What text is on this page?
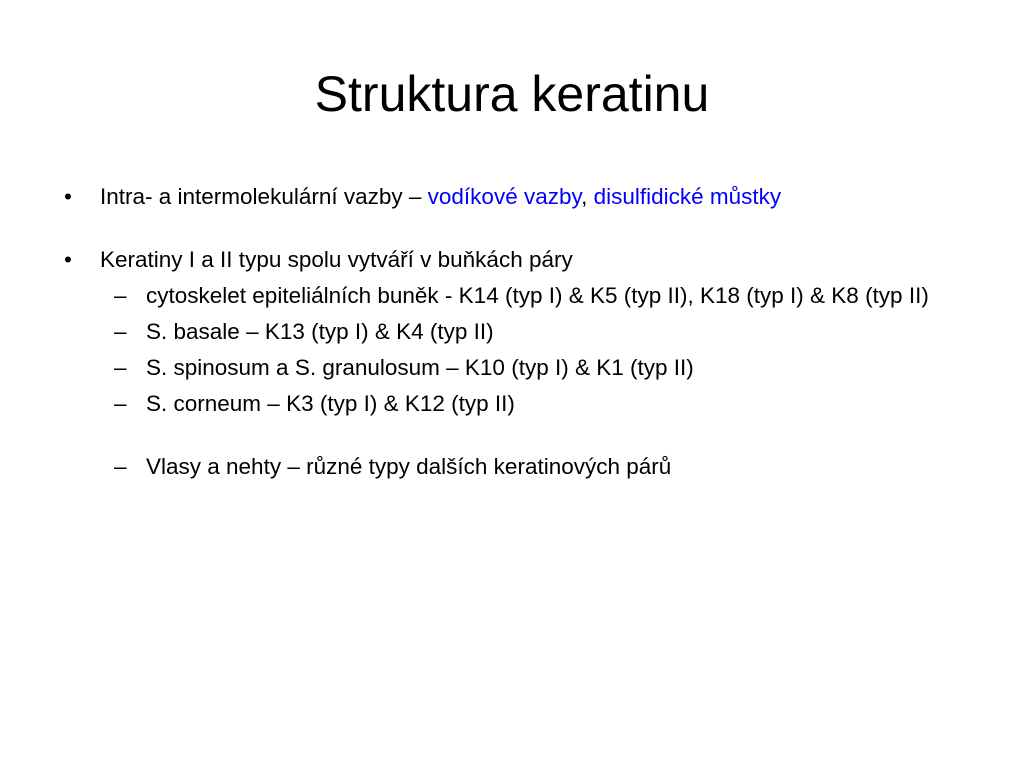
Struktura keratinu
• Intra- a intermolekulární vazby – vodíkové vazby, disulfidické můstky
• Keratiny I a II typu spolu vytváří v buňkách páry
– cytoskelet epiteliálních buněk - K14 (typ I) & K5 (typ II), K18 (typ I) & K8 (typ II)
– S. basale – K13 (typ I) & K4 (typ II)
– S. spinosum a S. granulosum – K10 (typ I) & K1 (typ II)
– S. corneum – K3 (typ I) & K12 (typ II)
– Vlasy a nehty – různé typy dalších keratinových párů
